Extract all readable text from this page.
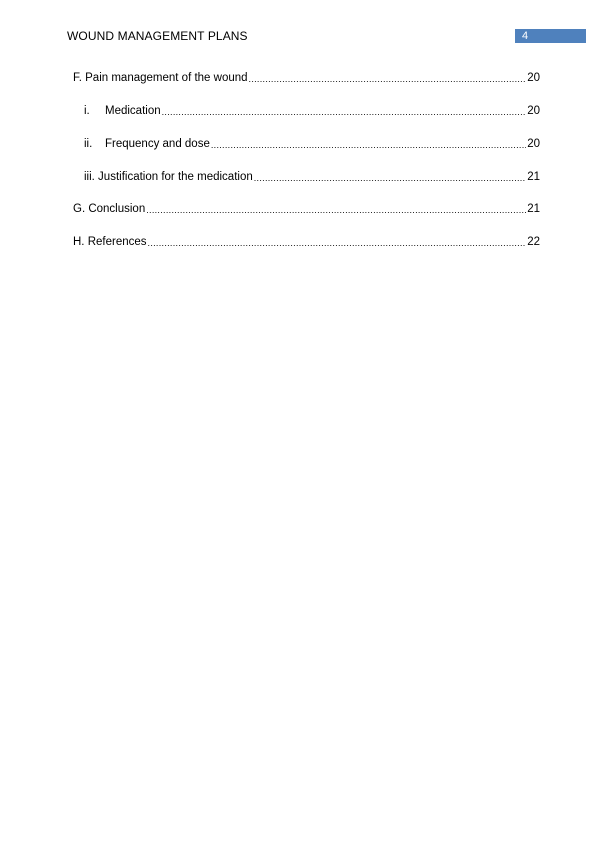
WOUND MANAGEMENT PLANS	4
F. Pain management of the wound .....	20
i.	Medication .....	20
ii.	Frequency and dose .....	20
iii. Justification for the medication .....	21
G. Conclusion .....	21
H. References .....	22
